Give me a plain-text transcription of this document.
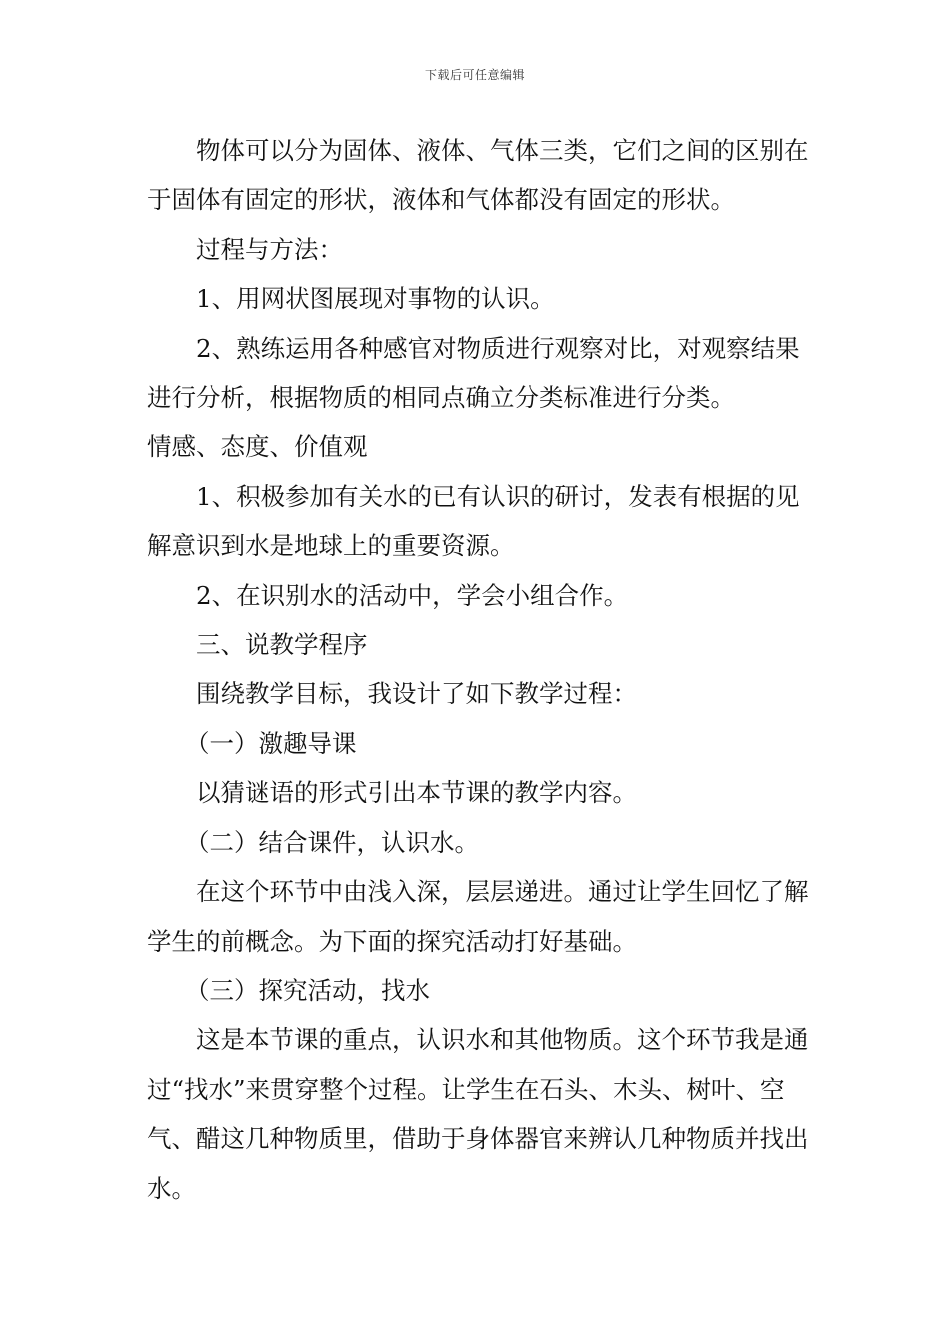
下载后可任意编辑

物体可以分为固体、液体、气体三类，它们之间的区别在于固体有固定的形状，液体和气体都没有固定的形状。

过程与方法：

1、用网状图展现对事物的认识。

2、熟练运用各种感官对物质进行观察对比，对观察结果进行分析，根据物质的相同点确立分类标准进行分类。

情感、态度、价值观

1、积极参加有关水的已有认识的研讨，发表有根据的见解意识到水是地球上的重要资源。

2、在识别水的活动中，学会小组合作。

三、说教学程序

围绕教学目标，我设计了如下教学过程：

（一）激趣导课

以猜谜语的形式引出本节课的教学内容。

（二）结合课件，认识水。

在这个环节中由浅入深，层层递进。通过让学生回忆了解学生的前概念。为下面的探究活动打好基础。

（三）探究活动，找水

这是本节课的重点，认识水和其他物质。这个环节我是通过“找水”来贯穿整个过程。让学生在石头、木头、树叶、空气、醋这几种物质里，借助于身体器官来辨认几种物质并找出水。
